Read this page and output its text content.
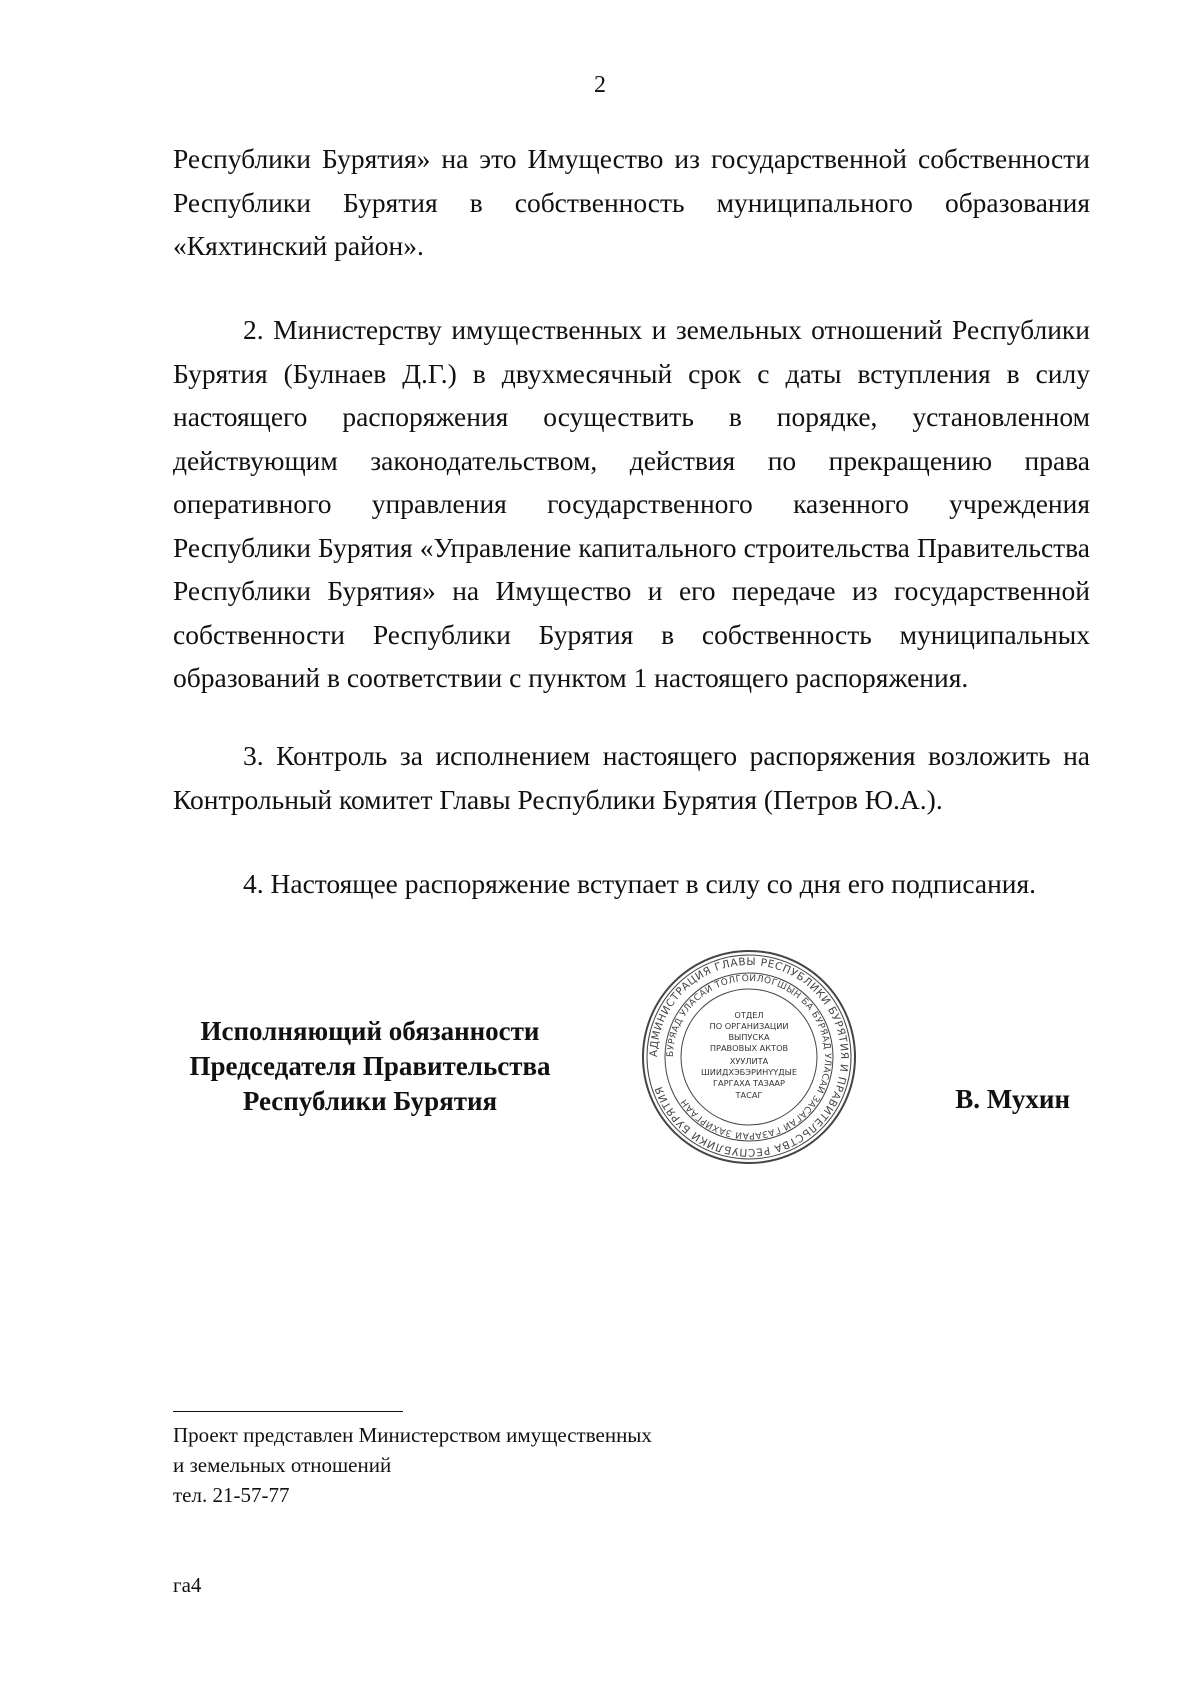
2

Республики Бурятия» на это Имущество из государственной собственности Республики Бурятия в собственность муниципального образования «Кяхтинский район».

2. Министерству имущественных и земельных отношений Республики Бурятия (Булнаев Д.Г.) в двухмесячный срок с даты вступления в силу настоящего распоряжения осуществить в порядке, установленном действующим законодательством, действия по прекращению права оперативного управления государственного казенного учреждения Республики Бурятия «Управление капитального строительства Правительства Республики Бурятия» на Имущество и его передаче из государственной собственности Республики Бурятия в собственность муниципальных образований в соответствии с пунктом 1 настоящего распоряжения.

3. Контроль за исполнением настоящего распоряжения возложить на Контрольный комитет Главы Республики Бурятия (Петров Ю.А.).

4. Настоящее распоряжение вступает в силу со дня его подписания.

Исполняющий обязанности
Председателя Правительства
Республики Бурятия
АДМИНИСТРАЦИЯ ГЛАВЫ РЕСПУБЛИКИ БУРЯТИЯ И ПРАВИТЕЛЬСТВА РЕСПУБЛИКИ БУРЯТИЯ
БУРЯАД УЛАСАЙ ТОЛГОЙЛОГШЫН БА БУРЯАД УЛАСАЙ ЗАСАГАЙ ГАЗАРАЙ ЗАХИРГААН
ОТДЕЛ
ПО ОРГАНИЗАЦИИ
ВЫПУСКА
ПРАВОВЫХ АКТОВ
ХУУЛИТА
ШИИДХЭБЭРИНҮҮДЫЕ
ГАРГАХА ТАЗААР
ТАСАГ	В. Мухин
Проект представлен Министерством имущественных
и земельных отношений
тел. 21-57-77
га4
